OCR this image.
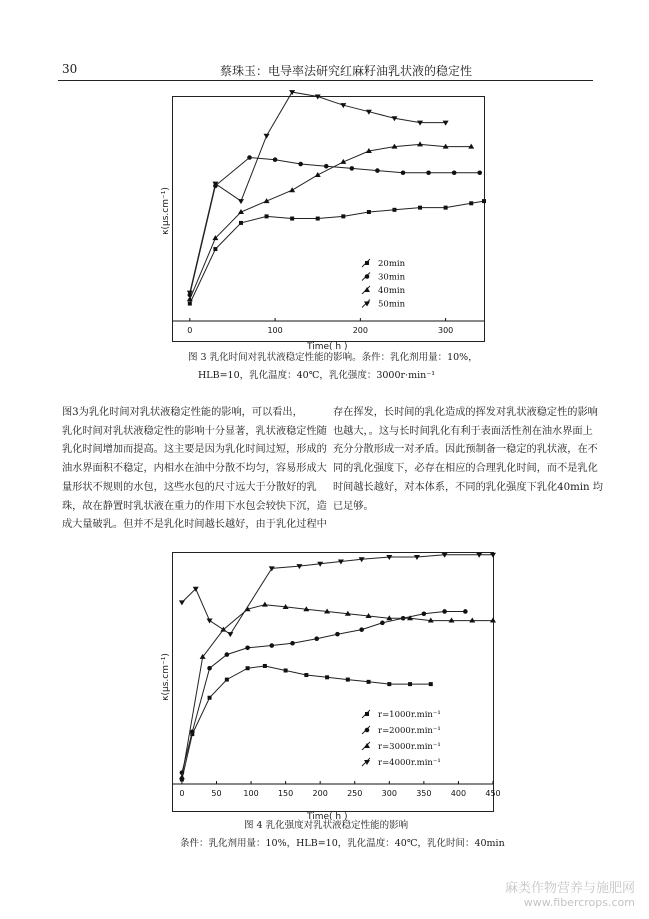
30	蔡珠玉：电导率法研究红麻籽油乳状液的稳定性
0	100	200	300
20min
30min
40min
50min
图 3 乳化时间对乳状液稳定性能的影响。条件：乳化剂用量：10%，
HLB=10，乳化温度：40℃，乳化强度：3000r·min⁻¹
图3为乳化时间对乳状液稳定性能的影响，可以看出，
乳化时间对乳状液稳定性的影响十分显著，乳状液稳定性随
乳化时间增加而提高。这主要是因为乳化时间过短，形成的
油水界面积不稳定，内相水在油中分散不均匀，容易形成大
量形状不规则的水包，这些水包的尺寸远大于分散好的乳
珠，故在静置时乳状液在重力的作用下水包会较快下沉，造
成大量破乳。但并不是乳化时间越长越好，由于乳化过程中
存在挥发，长时间的乳化造成的挥发对乳状液稳定性的影响
也越大，。这与长时间乳化有利于表面活性剂在油水界面上
充分分散形成一对矛盾。因此预制备一稳定的乳状液，在不
同的乳化强度下，必存在相应的合理乳化时间，而不是乳化
时间越长越好，对本体系，不同的乳化强度下乳化40min 均
已足够。
0	50	100 150 200 250 300 350 400 450
r=1000r.min⁻¹
r=2000r.min⁻¹
r=3000r.min⁻¹
r=4000r.min⁻¹
图 4 乳化强度对乳状液稳定性能的影响
条件：乳化剂用量：10%，HLB=10，乳化温度：40℃，乳化时间：40min
麻类作物营养与施肥网
www.fibercrops.com
Time( h )
κ(μs.cm⁻¹)
Time( h )
κ(μs.cm⁻¹)
